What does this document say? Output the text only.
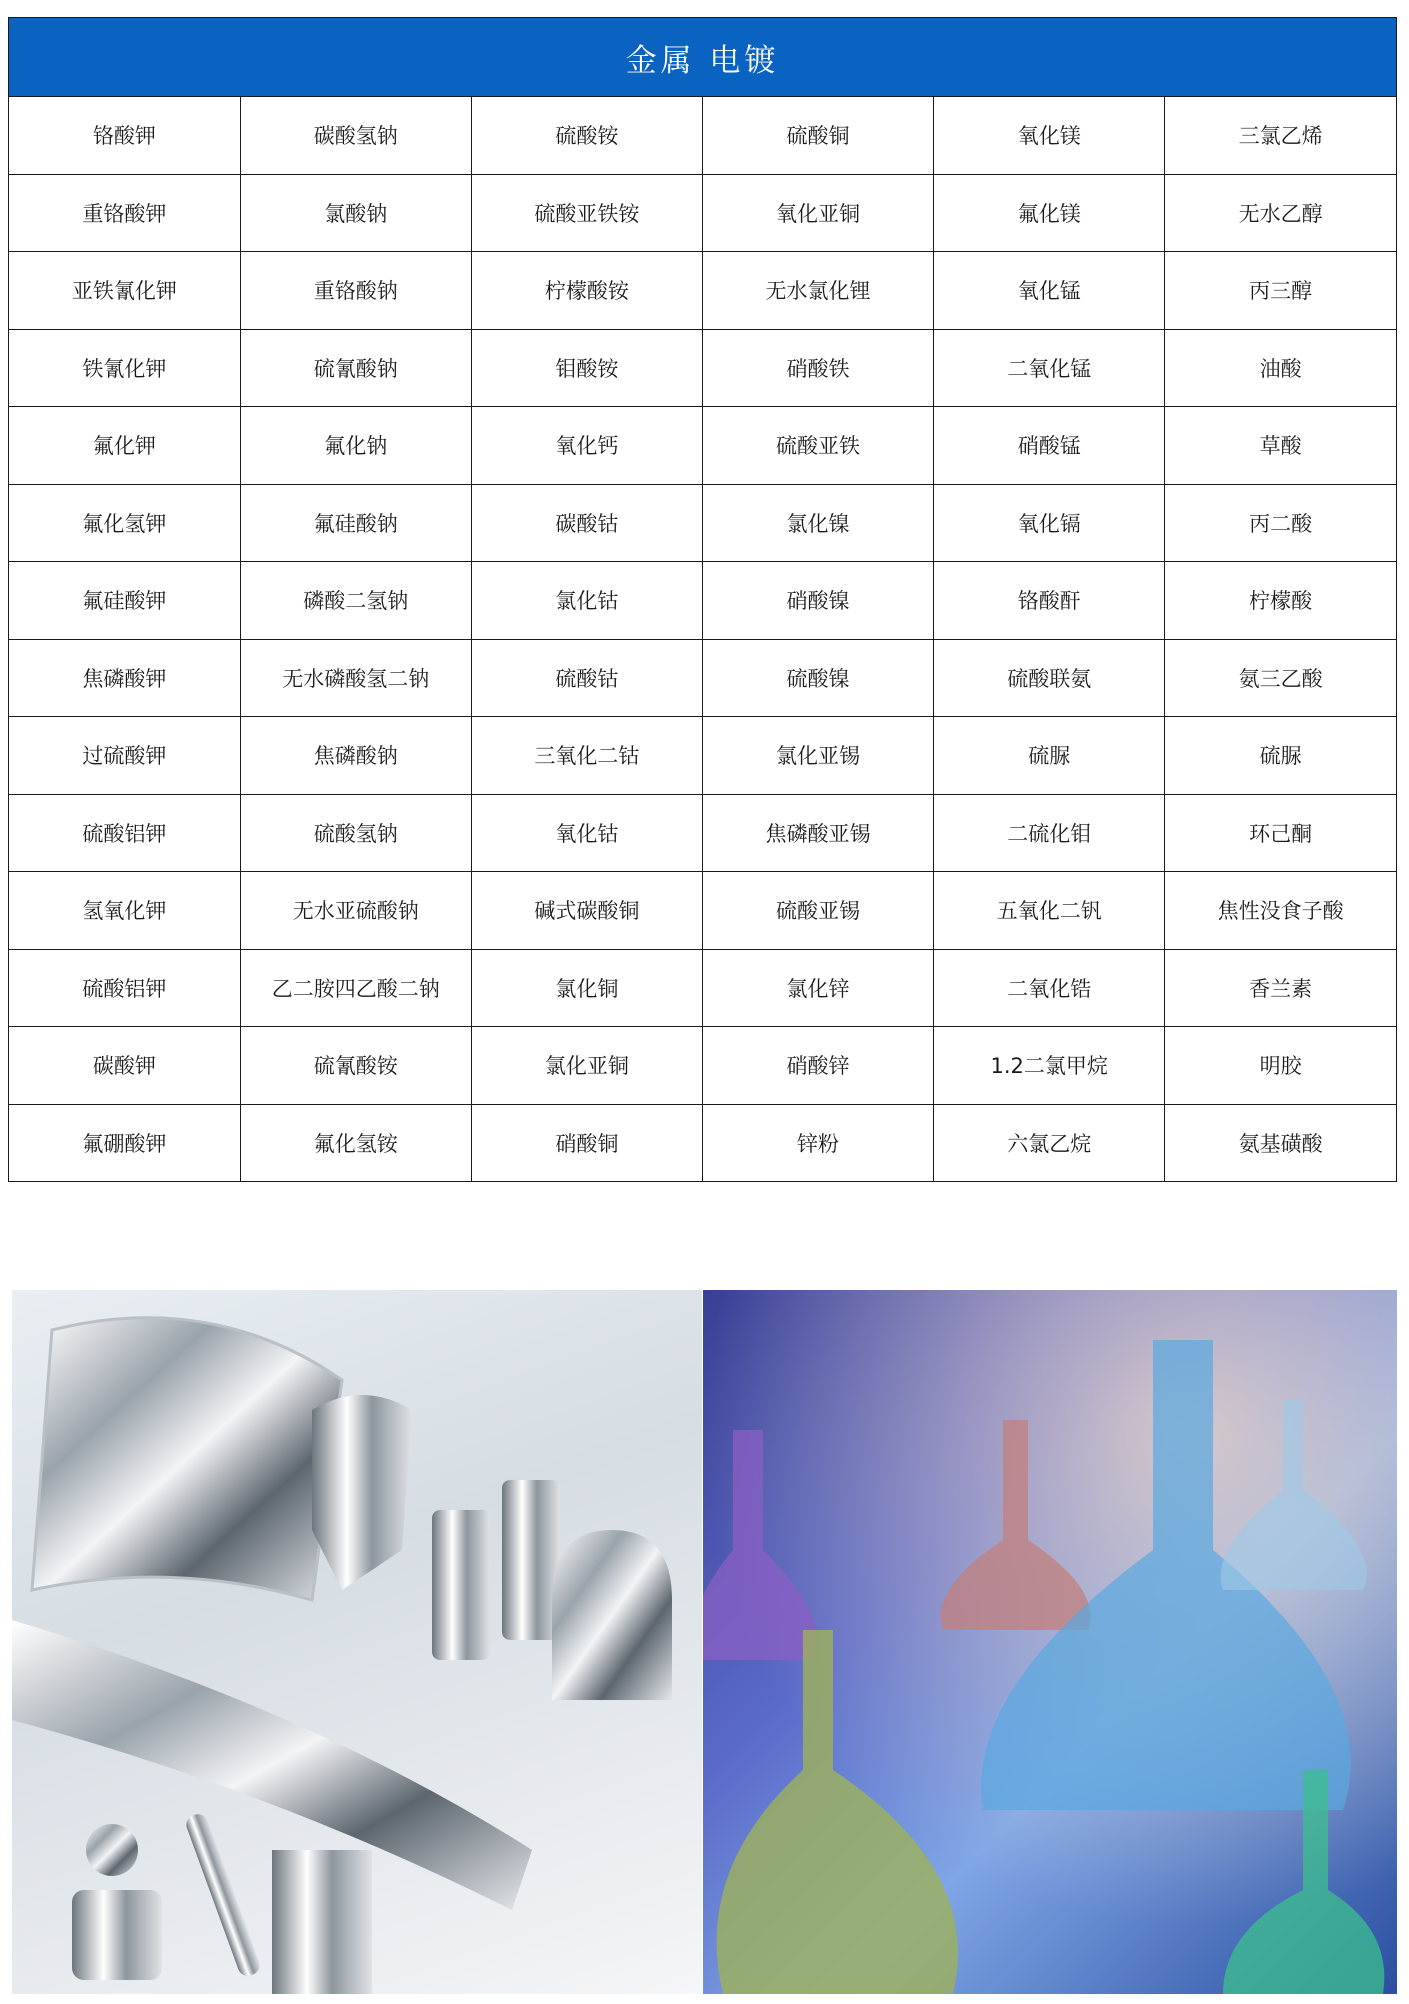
金属 电镀
铬酸钾	碳酸氢钠	硫酸铵	硫酸铜	氧化镁	三氯乙烯
重铬酸钾	氯酸钠	硫酸亚铁铵	氧化亚铜	氟化镁	无水乙醇
亚铁氰化钾	重铬酸钠	柠檬酸铵	无水氯化锂	氧化锰	丙三醇
铁氰化钾	硫氰酸钠	钼酸铵	硝酸铁	二氧化锰	油酸
氟化钾	氟化钠	氧化钙	硫酸亚铁	硝酸锰	草酸
氟化氢钾	氟硅酸钠	碳酸钴	氯化镍	氧化镉	丙二酸
氟硅酸钾	磷酸二氢钠	氯化钴	硝酸镍	铬酸酐	柠檬酸
焦磷酸钾	无水磷酸氢二钠	硫酸钴	硫酸镍	硫酸联氨	氨三乙酸
过硫酸钾	焦磷酸钠	三氧化二钴	氯化亚锡	硫脲	硫脲
硫酸铝钾	硫酸氢钠	氧化钴	焦磷酸亚锡	二硫化钼	环己酮
氢氧化钾	无水亚硫酸钠	碱式碳酸铜	硫酸亚锡	五氧化二钒	焦性没食子酸
硫酸铝钾	乙二胺四乙酸二钠	氯化铜	氯化锌	二氧化锆	香兰素
碳酸钾	硫氰酸铵	氯化亚铜	硝酸锌	1.2二氯甲烷	明胶
氟硼酸钾	氟化氢铵	硝酸铜	锌粉	六氯乙烷	氨基磺酸
